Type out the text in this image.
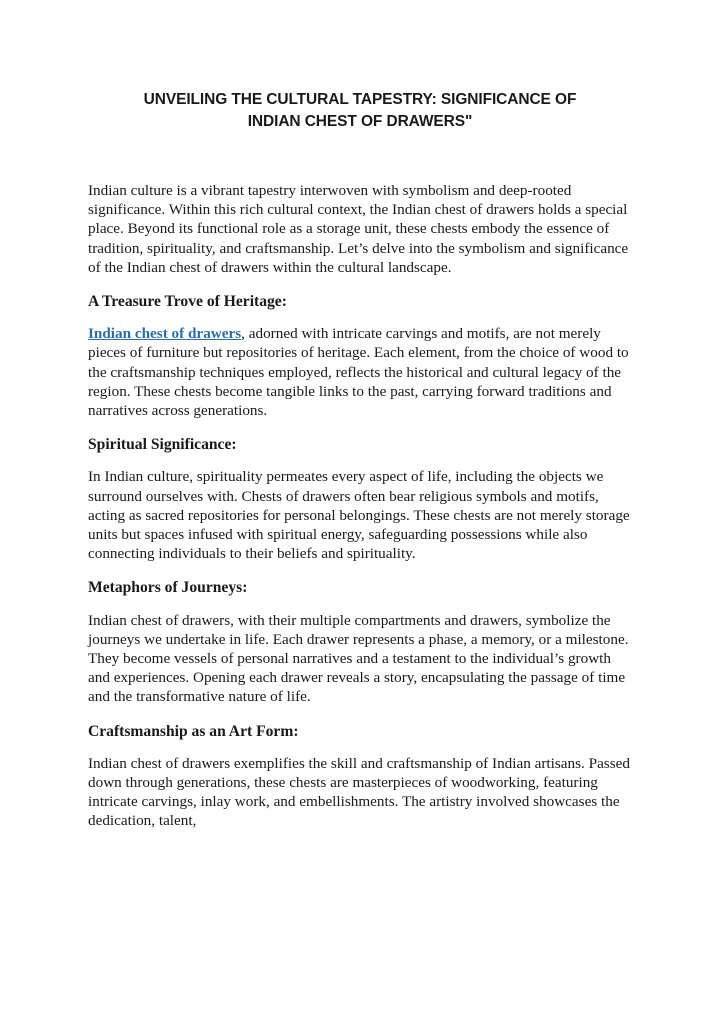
UNVEILING THE CULTURAL TAPESTRY: SIGNIFICANCE OF
INDIAN CHEST OF DRAWERS"

Indian culture is a vibrant tapestry interwoven with symbolism and deep-rooted significance. Within this rich cultural context, the Indian chest of drawers holds a special place. Beyond its functional role as a storage unit, these chests embody the essence of tradition, spirituality, and craftsmanship. Let’s delve into the symbolism and significance of the Indian chest of drawers within the cultural landscape.

A Treasure Trove of Heritage:

Indian chest of drawers, adorned with intricate carvings and motifs, are not merely pieces of furniture but repositories of heritage. Each element, from the choice of wood to the craftsmanship techniques employed, reflects the historical and cultural legacy of the region. These chests become tangible links to the past, carrying forward traditions and narratives across generations.

Spiritual Significance:

In Indian culture, spirituality permeates every aspect of life, including the objects we surround ourselves with. Chests of drawers often bear religious symbols and motifs, acting as sacred repositories for personal belongings. These chests are not merely storage units but spaces infused with spiritual energy, safeguarding possessions while also connecting individuals to their beliefs and spirituality.

Metaphors of Journeys:

Indian chest of drawers, with their multiple compartments and drawers, symbolize the journeys we undertake in life. Each drawer represents a phase, a memory, or a milestone. They become vessels of personal narratives and a testament to the individual’s growth and experiences. Opening each drawer reveals a story, encapsulating the passage of time and the transformative nature of life.

Craftsmanship as an Art Form:

Indian chest of drawers exemplifies the skill and craftsmanship of Indian artisans. Passed down through generations, these chests are masterpieces of woodworking, featuring intricate carvings, inlay work, and embellishments. The artistry involved showcases the dedication, talent,
